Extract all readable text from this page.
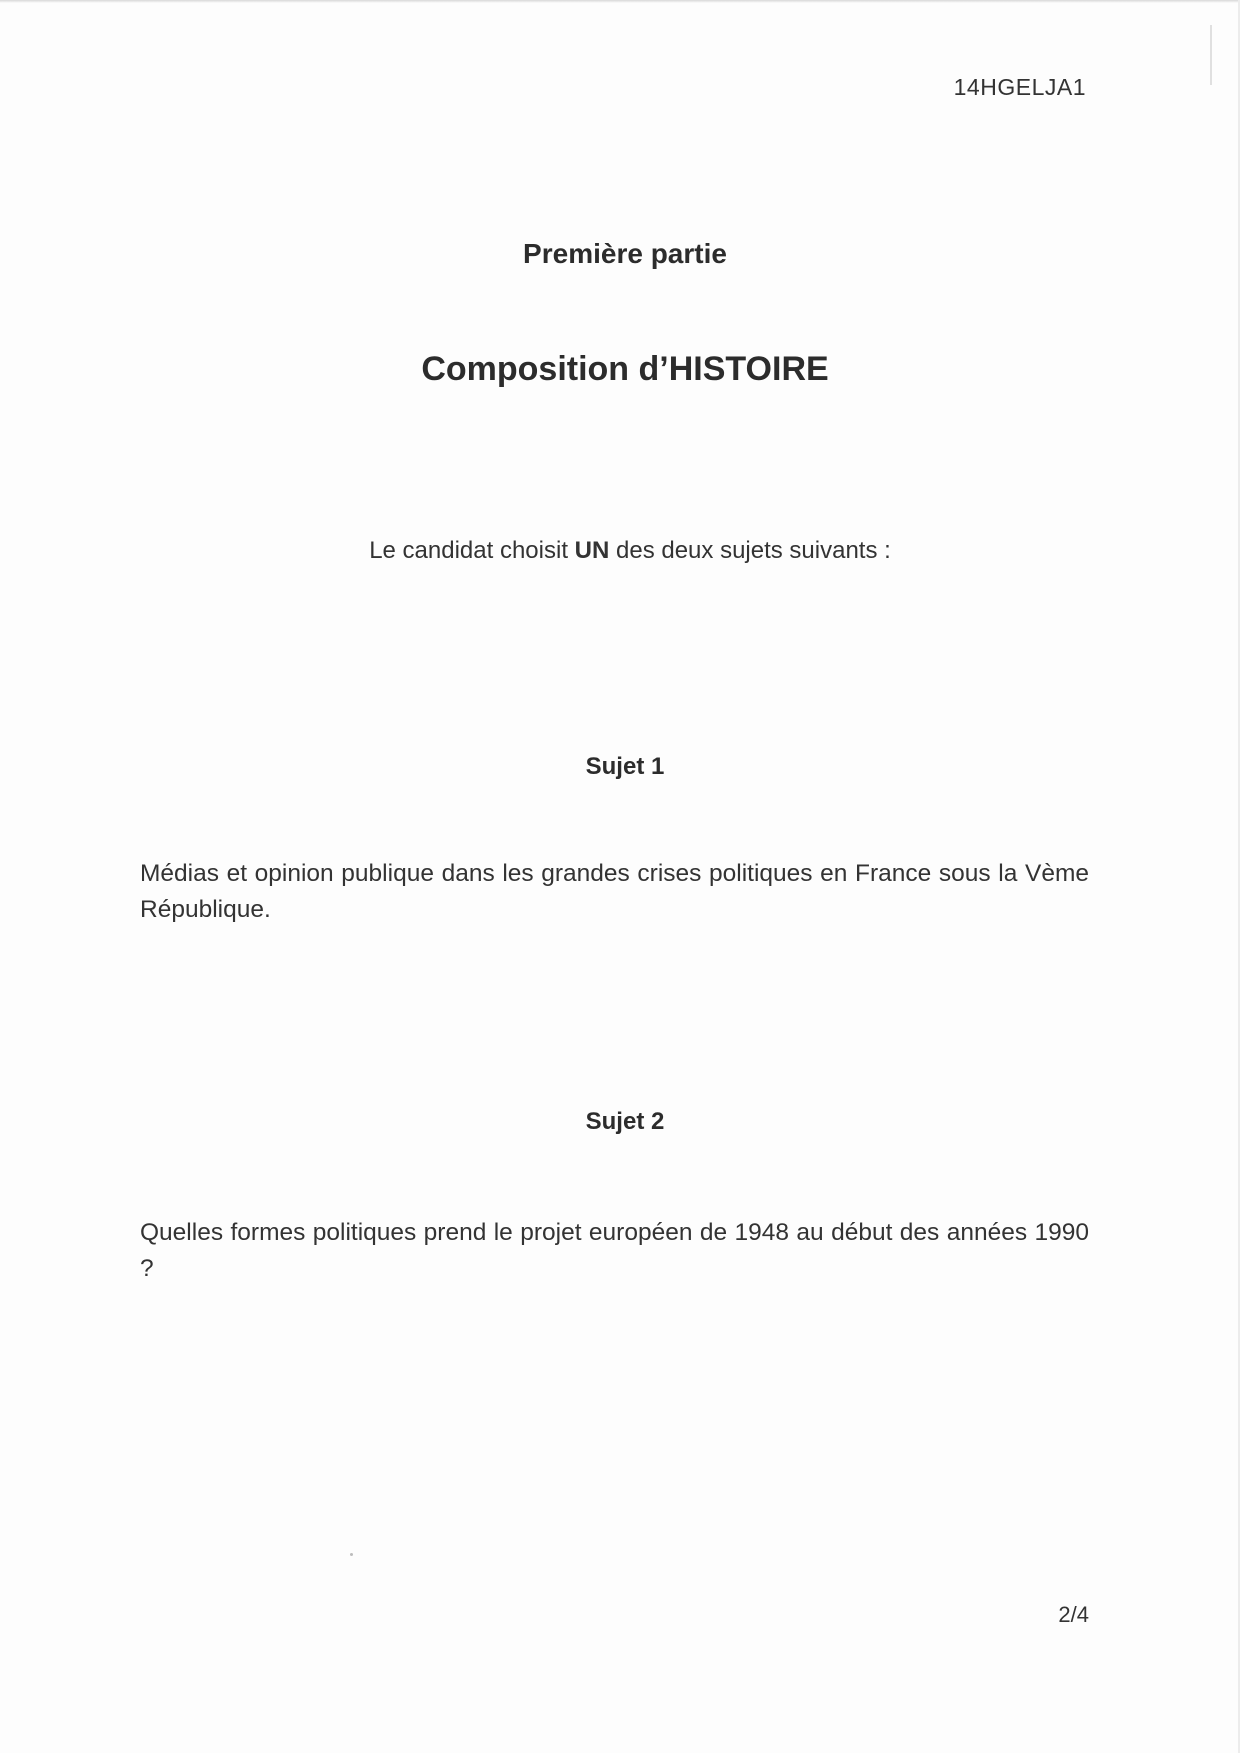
14HGELJA1
Première partie
Composition d’HISTOIRE
Le candidat choisit UN des deux sujets suivants :
Sujet 1
Médias et opinion publique dans les grandes crises politiques en France sous la Vème République.
Sujet 2
Quelles formes politiques prend le projet européen de 1948 au début des années 1990 ?
2/4
